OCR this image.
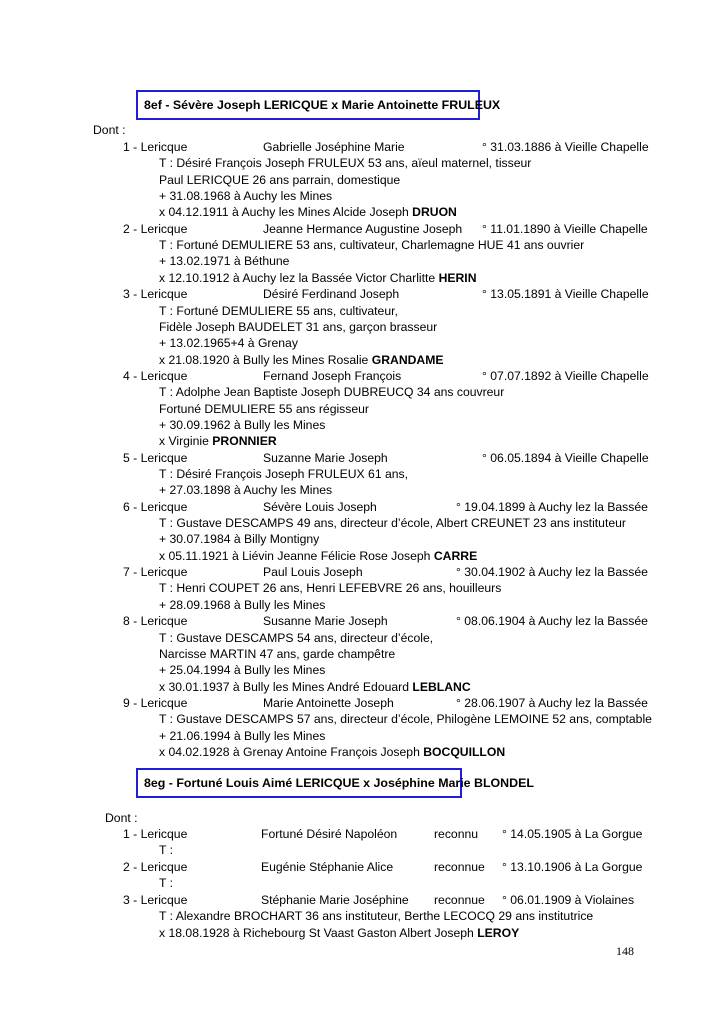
8ef - Sévère Joseph LERICQUE x Marie Antoinette FRULEUX
Dont :
1 - Lericque	Gabrielle Joséphine Marie	° 31.03.1886 à Vieille Chapelle
T : Désiré François Joseph FRULEUX 53 ans, aïeul maternel, tisseur
Paul LERICQUE 26 ans parrain, domestique
+ 31.08.1968 à Auchy les Mines
x 04.12.1911 à Auchy les Mines Alcide Joseph DRUON
2 - Lericque	Jeanne Hermance Augustine Joseph ° 11.01.1890 à Vieille Chapelle
T : Fortuné DEMULIERE 53 ans, cultivateur, Charlemagne HUE 41 ans ouvrier
+ 13.02.1971 à Béthune
x 12.10.1912 à Auchy lez la Bassée Victor Charlitte HERIN
3 - Lericque	Désiré Ferdinand Joseph	° 13.05.1891 à Vieille Chapelle
T : Fortuné DEMULIERE 55 ans, cultivateur,
Fidèle Joseph BAUDELET 31 ans, garçon brasseur
+ 13.02.1965+4 à Grenay
x 21.08.1920 à Bully les Mines Rosalie GRANDAME
4 - Lericque	Fernand Joseph François	° 07.07.1892 à Vieille Chapelle
T : Adolphe Jean Baptiste Joseph DUBREUCQ 34 ans couvreur
Fortuné DEMULIERE 55 ans régisseur
+ 30.09.1962 à Bully les Mines
x Virginie PRONNIER
5 - Lericque	Suzanne Marie Joseph	° 06.05.1894 à Vieille Chapelle
T : Désiré François Joseph FRULEUX 61 ans,
+ 27.03.1898 à Auchy les Mines
6 - Lericque	Sévère Louis Joseph	° 19.04.1899 à Auchy lez la Bassée
T : Gustave DESCAMPS 49 ans, directeur d’école, Albert CREUNET 23 ans instituteur
+ 30.07.1984 à Billy Montigny
x 05.11.1921 à Liévin Jeanne Félicie Rose Joseph CARRE
7 - Lericque	Paul Louis Joseph	° 30.04.1902 à Auchy lez la Bassée
T : Henri COUPET 26 ans, Henri LEFEBVRE 26 ans, houilleurs
+ 28.09.1968 à Bully les Mines
8 - Lericque	Susanne Marie Joseph	° 08.06.1904 à Auchy lez la Bassée
T : Gustave DESCAMPS 54 ans, directeur d’école,
Narcisse MARTIN 47 ans, garde champêtre
+ 25.04.1994 à Bully les Mines
x 30.01.1937 à Bully les Mines André Edouard LEBLANC
9 - Lericque	Marie Antoinette Joseph	° 28.06.1907 à Auchy lez la Bassée
T : Gustave DESCAMPS 57 ans, directeur d’école, Philogène LEMOINE 52 ans, comptable
+ 21.06.1994 à Bully les Mines
x 04.02.1928 à Grenay Antoine François Joseph BOCQUILLON
8eg - Fortuné Louis Aimé LERICQUE x Joséphine Marie BLONDEL
Dont :
1 - Lericque	Fortuné Désiré Napoléon	reconnu ° 14.05.1905 à La Gorgue
T :
2 - Lericque	Eugénie Stéphanie Alice	reconnue ° 13.10.1906 à La Gorgue
T :
3 - Lericque	Stéphanie Marie Joséphine reconnue ° 06.01.1909 à Violaines
T : Alexandre BROCHART 36 ans instituteur, Berthe LECOCQ 29 ans institutrice
x 18.08.1928 à Richebourg St Vaast Gaston Albert Joseph LEROY
148
